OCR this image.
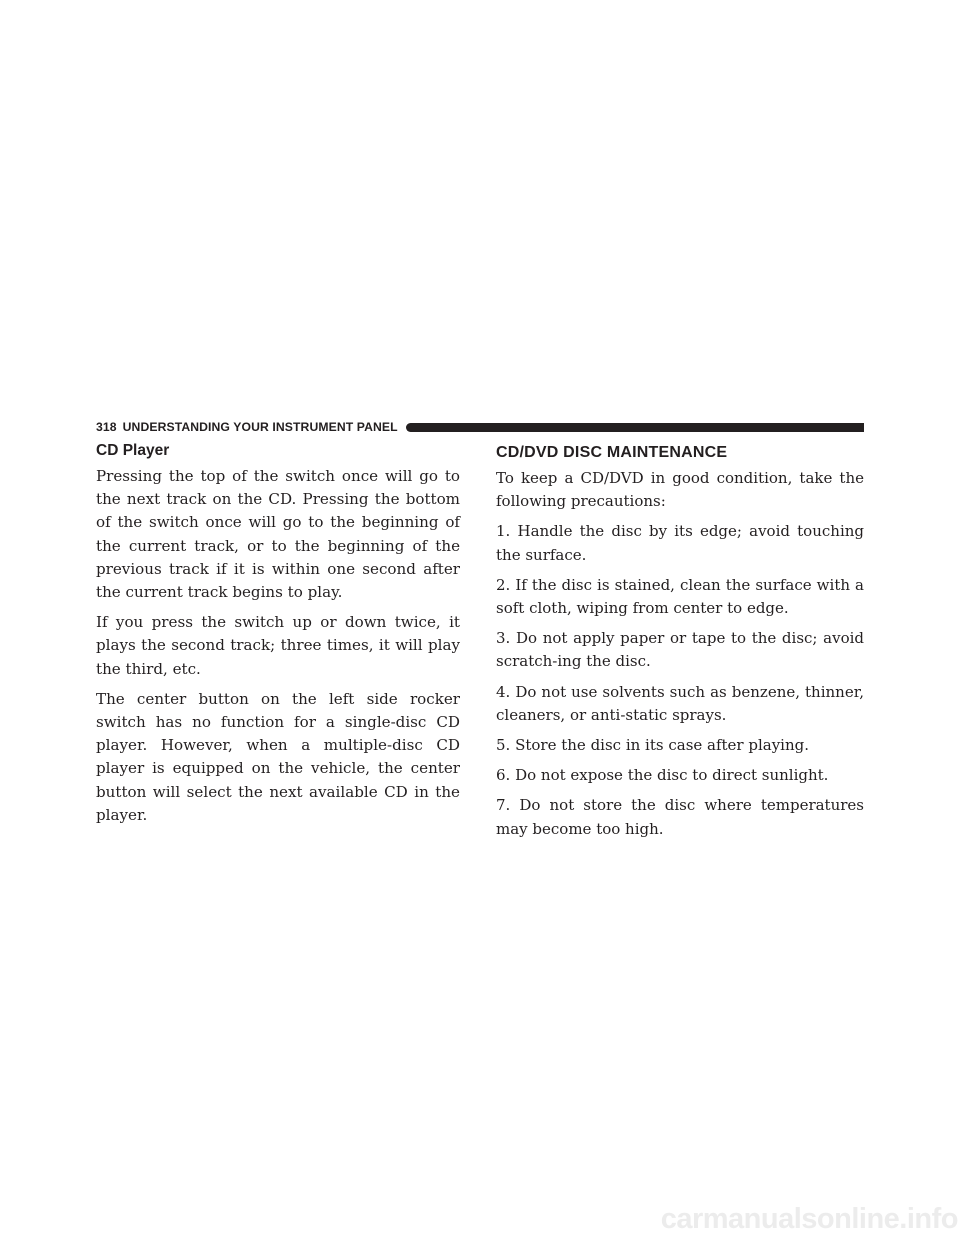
318 UNDERSTANDING YOUR INSTRUMENT PANEL
CD Player

Pressing the top of the switch once will go to the next track on the CD. Pressing the bottom of the switch once will go to the beginning of the current track, or to the beginning of the previous track if it is within one second after the current track begins to play.

If you press the switch up or down twice, it plays the second track; three times, it will play the third, etc.

The center button on the left side rocker switch has no function for a single-disc CD player. However, when a multiple-disc CD player is equipped on the vehicle, the center button will select the next available CD in the player.

CD/DVD DISC MAINTENANCE

To keep a CD/DVD in good condition, take the following precautions:

1. Handle the disc by its edge; avoid touching the surface.

2. If the disc is stained, clean the surface with a soft cloth, wiping from center to edge.

3. Do not apply paper or tape to the disc; avoid scratch-ing the disc.

4. Do not use solvents such as benzene, thinner, cleaners, or anti-static sprays.

5. Store the disc in its case after playing.

6. Do not expose the disc to direct sunlight.

7. Do not store the disc where temperatures may become too high.

carmanualsonline.info
